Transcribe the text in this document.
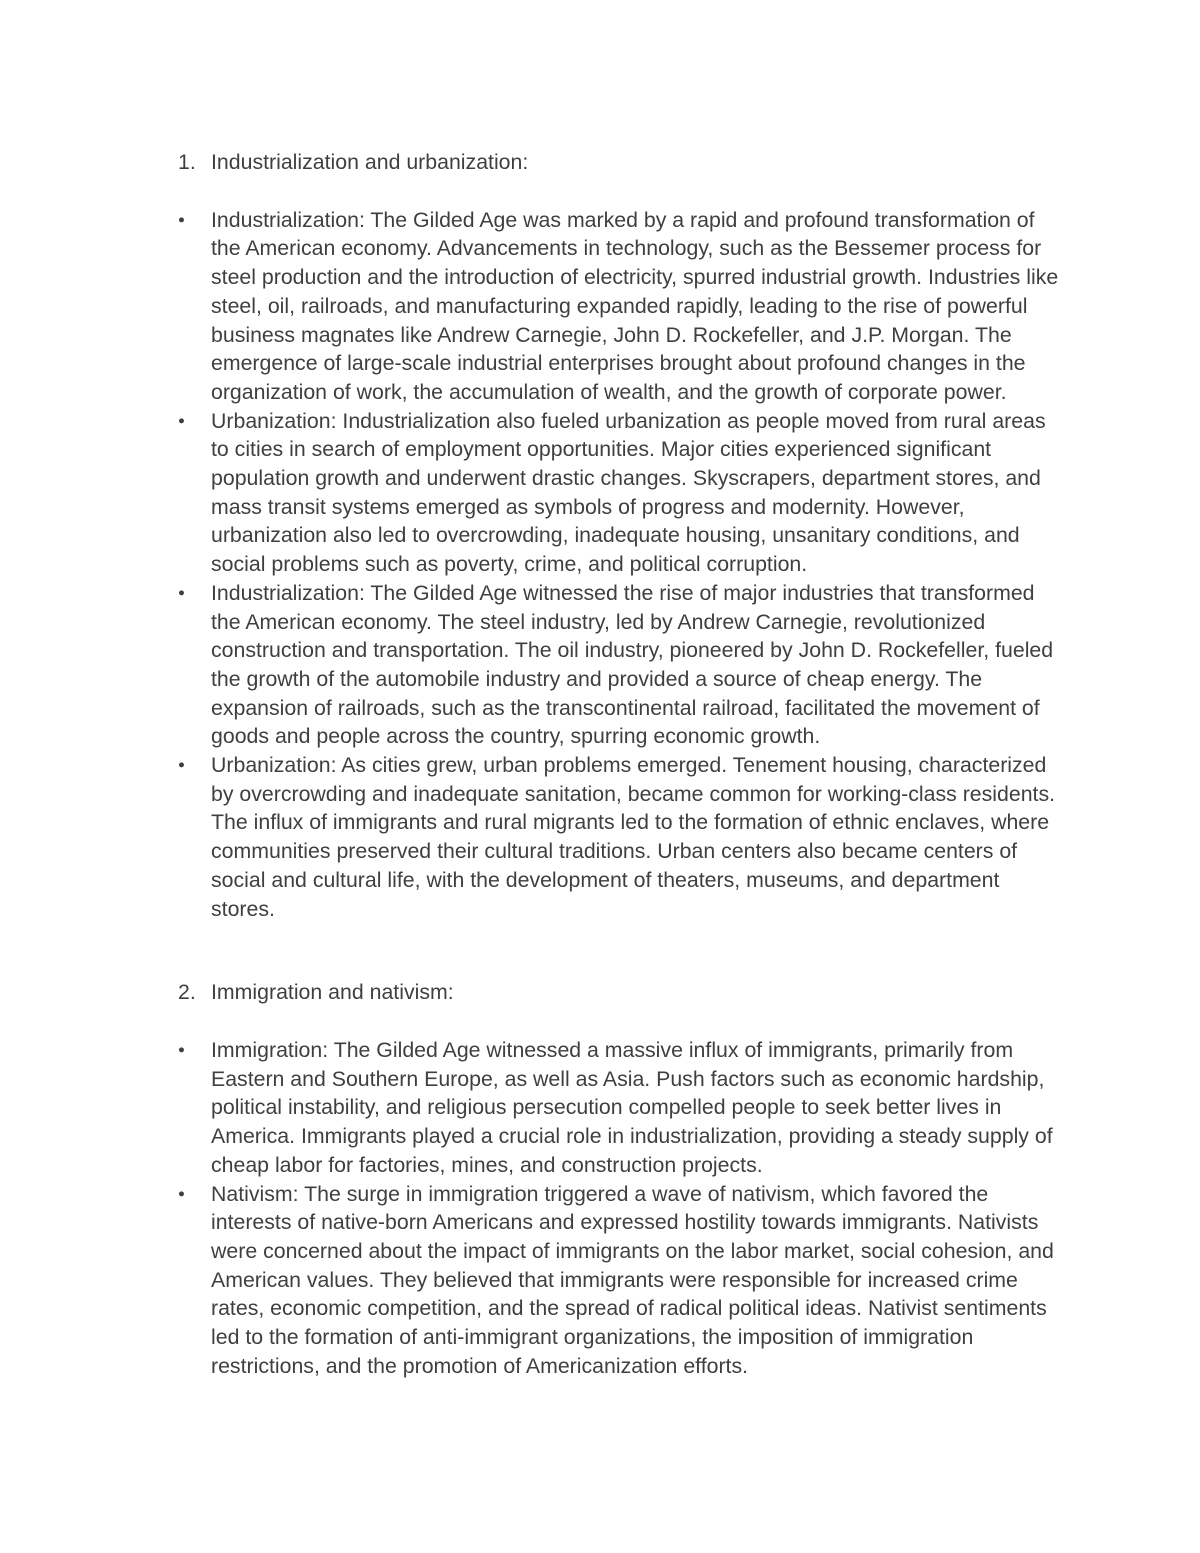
1. Industrialization and urbanization:
●	Industrialization: The Gilded Age was marked by a rapid and profound transformation of the American economy. Advancements in technology, such as the Bessemer process for steel production and the introduction of electricity, spurred industrial growth. Industries like steel, oil, railroads, and manufacturing expanded rapidly, leading to the rise of powerful business magnates like Andrew Carnegie, John D. Rockefeller, and J.P. Morgan. The emergence of large-scale industrial enterprises brought about profound changes in the organization of work, the accumulation of wealth, and the growth of corporate power.
●	Urbanization: Industrialization also fueled urbanization as people moved from rural areas to cities in search of employment opportunities. Major cities experienced significant population growth and underwent drastic changes. Skyscrapers, department stores, and mass transit systems emerged as symbols of progress and modernity. However, urbanization also led to overcrowding, inadequate housing, unsanitary conditions, and social problems such as poverty, crime, and political corruption.
●	Industrialization: The Gilded Age witnessed the rise of major industries that transformed the American economy. The steel industry, led by Andrew Carnegie, revolutionized construction and transportation. The oil industry, pioneered by John D. Rockefeller, fueled the growth of the automobile industry and provided a source of cheap energy. The expansion of railroads, such as the transcontinental railroad, facilitated the movement of goods and people across the country, spurring economic growth.
●	Urbanization: As cities grew, urban problems emerged. Tenement housing, characterized by overcrowding and inadequate sanitation, became common for working-class residents. The influx of immigrants and rural migrants led to the formation of ethnic enclaves, where communities preserved their cultural traditions. Urban centers also became centers of social and cultural life, with the development of theaters, museums, and department stores.
2. Immigration and nativism:
●	Immigration: The Gilded Age witnessed a massive influx of immigrants, primarily from Eastern and Southern Europe, as well as Asia. Push factors such as economic hardship, political instability, and religious persecution compelled people to seek better lives in America. Immigrants played a crucial role in industrialization, providing a steady supply of cheap labor for factories, mines, and construction projects.
●	Nativism: The surge in immigration triggered a wave of nativism, which favored the interests of native-born Americans and expressed hostility towards immigrants. Nativists were concerned about the impact of immigrants on the labor market, social cohesion, and American values. They believed that immigrants were responsible for increased crime rates, economic competition, and the spread of radical political ideas. Nativist sentiments led to the formation of anti-immigrant organizations, the imposition of immigration restrictions, and the promotion of Americanization efforts.
